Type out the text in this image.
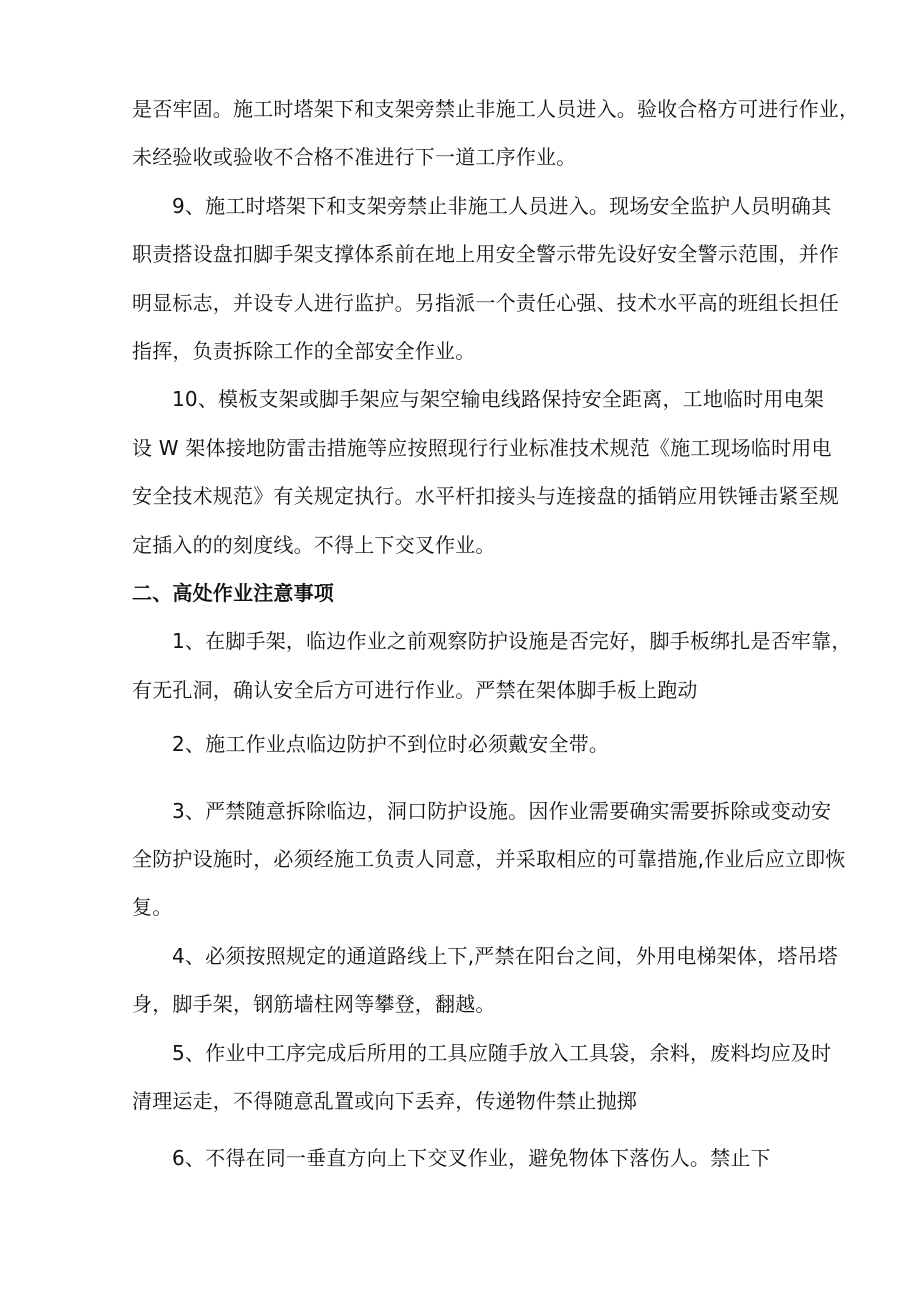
是否牢固。施工时塔架下和支架旁禁止非施工人员进入。验收合格方可进行作业，
未经验收或验收不合格不准进行下一道工序作业。
9、施工时塔架下和支架旁禁止非施工人员进入。现场安全监护人员明确其
职责搭设盘扣脚手架支撑体系前在地上用安全警示带先设好安全警示范围，并作
明显标志，并设专人进行监护。另指派一个责任心强、技术水平高的班组长担任
指挥，负责拆除工作的全部安全作业。
10、模板支架或脚手架应与架空输电线路保持安全距离，工地临时用电架
设 W 架体接地防雷击措施等应按照现行行业标准技术规范《施工现场临时用电
安全技术规范》有关规定执行。水平杆扣接头与连接盘的插销应用铁锤击紧至规
定插入的的刻度线。不得上下交叉作业。
二、高处作业注意事项
1、在脚手架，临边作业之前观察防护设施是否完好，脚手板绑扎是否牢靠，
有无孔洞，确认安全后方可进行作业。严禁在架体脚手板上跑动
2、施工作业点临边防护不到位时必须戴安全带。
3、严禁随意拆除临边，洞口防护设施。因作业需要确实需要拆除或变动安
全防护设施时，必须经施工负责人同意，并采取相应的可靠措施,作业后应立即恢
复。
4、必须按照规定的通道路线上下,严禁在阳台之间，外用电梯架体，塔吊塔
身，脚手架，钢筋墙柱网等攀登，翻越。
5、作业中工序完成后所用的工具应随手放入工具袋，余料，废料均应及时
清理运走，不得随意乱置或向下丢弃，传递物件禁止抛掷
6、不得在同一垂直方向上下交叉作业，避免物体下落伤人。禁止下
